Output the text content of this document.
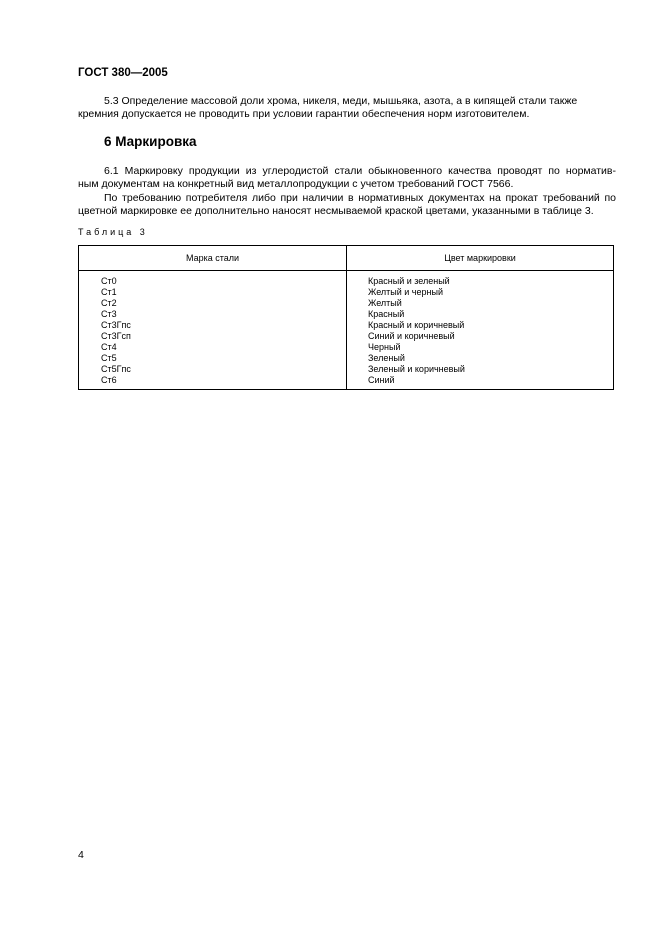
ГОСТ 380—2005
5.3 Определение массовой доли хрома, никеля, меди, мышьяка, азота, а в кипящей стали также кремния допускается не проводить при условии гарантии обеспечения норм изготовителем.
6 Маркировка
6.1 Маркировку продукции из углеродистой стали обыкновенного качества проводят по норматив-
ным документам на конкретный вид металлопродукции с учетом требований ГОСТ 7566.
По требованию потребителя либо при наличии в нормативных документах на прокат требований по
цветной маркировке ее дополнительно наносят несмываемой краской цветами, указанными в таблице 3.
Таблица 3
Марка стали	Цвет маркировки
Ст0	Красный и зеленый
Ст1	Желтый и черный
Ст2	Желтый
Ст3	Красный
Ст3Гпс	Красный и коричневый
Ст3Гсп	Синий и коричневый
Ст4	Черный
Ст5	Зеленый
Ст5Гпс	Зеленый и коричневый
Ст6	Синий
4
